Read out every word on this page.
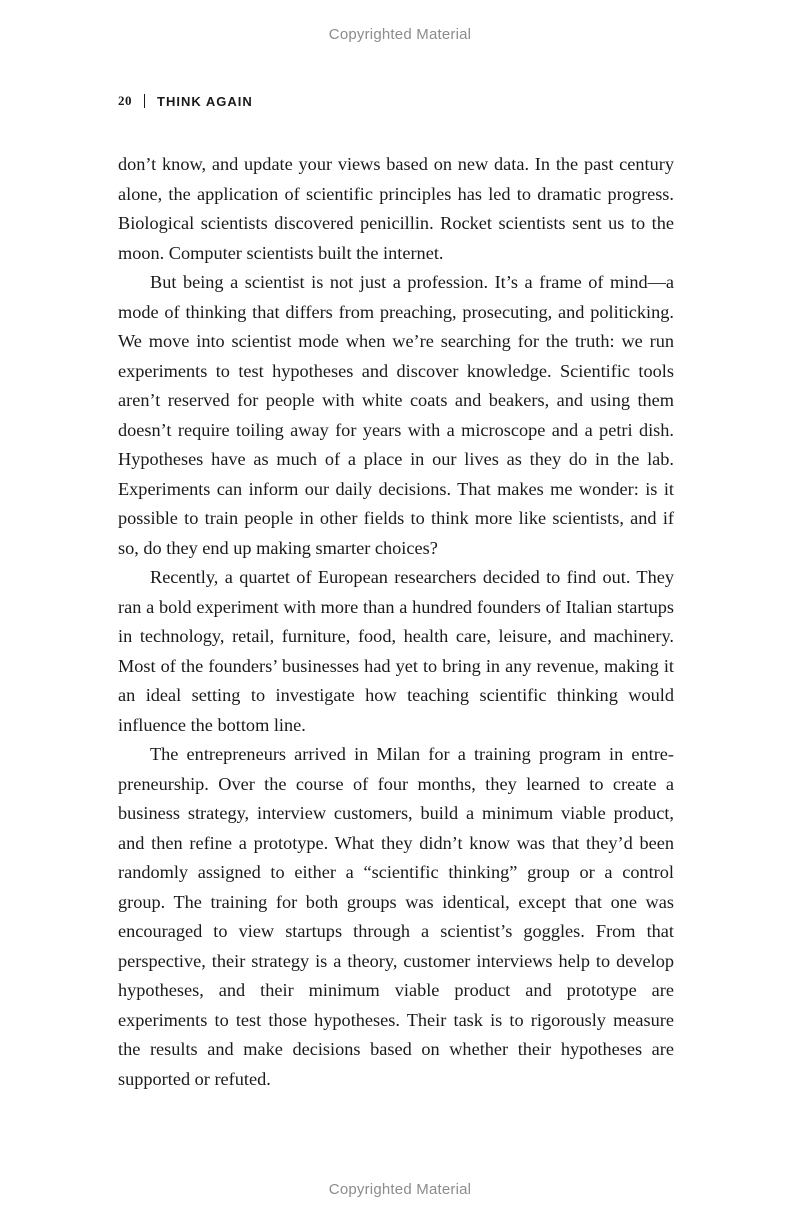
Copyrighted Material
20 THINK AGAIN

don’t know, and update your views based on new data. In the past century alone, the application of scientific principles has led to dramatic progress. Biological scientists discovered penicillin. Rocket scientists sent us to the moon. Computer scientists built the internet.

But being a scientist is not just a profession. It’s a frame of mind—a mode of thinking that differs from preaching, prosecuting, and politicking. We move into scientist mode when we’re searching for the truth: we run experiments to test hypotheses and discover knowledge. Scientific tools aren’t reserved for people with white coats and beakers, and using them doesn’t require toiling away for years with a microscope and a petri dish. Hypotheses have as much of a place in our lives as they do in the lab. Experiments can inform our daily decisions. That makes me wonder: is it possible to train people in other fields to think more like scientists, and if so, do they end up making smarter choices?

Recently, a quartet of European researchers decided to find out. They ran a bold experiment with more than a hundred founders of Italian startups in technology, retail, furniture, food, health care, leisure, and machinery. Most of the founders’ businesses had yet to bring in any revenue, making it an ideal setting to investigate how teaching scientific thinking would influence the bottom line.

The entrepreneurs arrived in Milan for a training program in entrepreneurship. Over the course of four months, they learned to create a business strategy, interview customers, build a minimum viable product, and then refine a prototype. What they didn’t know was that they’d been randomly assigned to either a “scientific thinking” group or a control group. The training for both groups was identical, except that one was encouraged to view startups through a scientist’s goggles. From that perspective, their strategy is a theory, customer interviews help to develop hypotheses, and their minimum viable product and prototype are experiments to test those hypotheses. Their task is to rigorously measure the results and make decisions based on whether their hypotheses are supported or refuted.

Copyrighted Material
